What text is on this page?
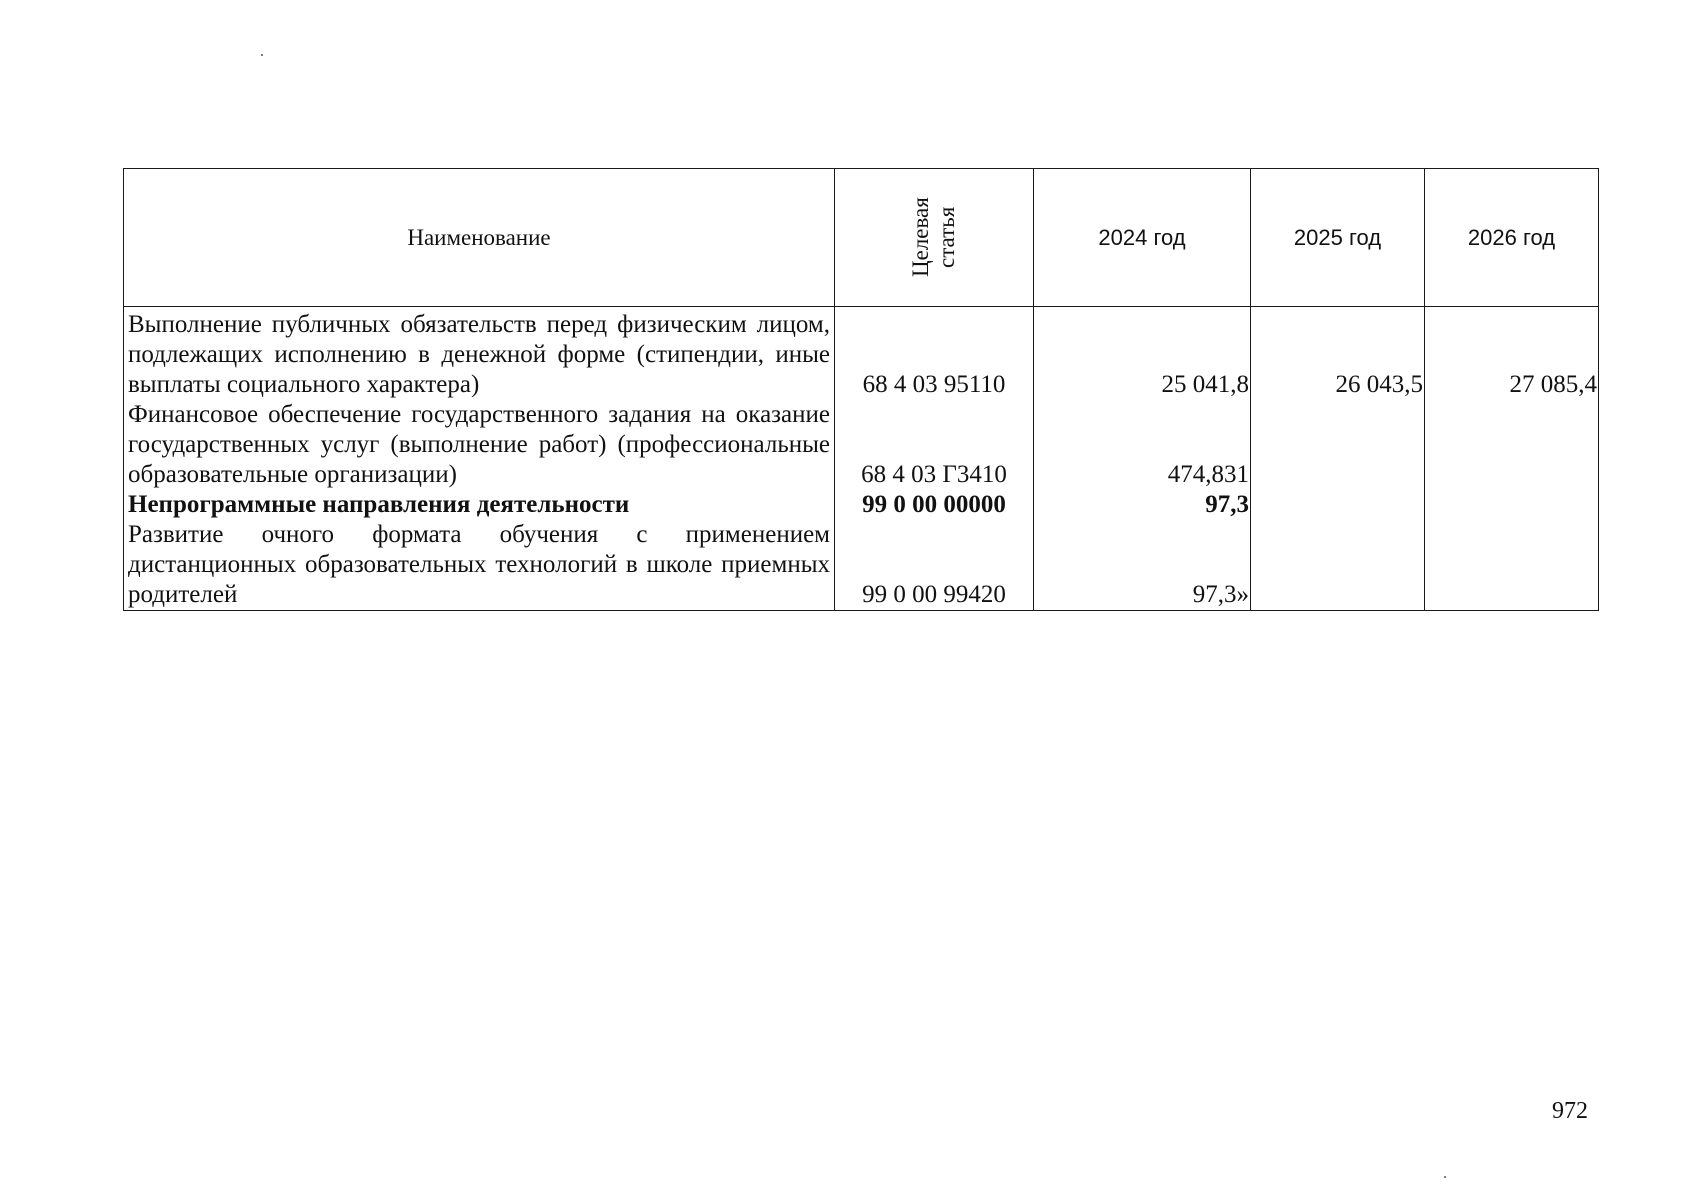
Наименование	Целевая статья	2024 год	2025 год	2026 год
Выполнение публичных обязательств перед физическим лицом, подлежащих исполнению в денежной форме (стипендии, иные выплаты социального характера)	68 4 03 95110	25 041,8	26 043,5	27 085,4
Финансовое обеспечение государственного задания на оказание государственных услуг (выполнение работ) (профессиональные образовательные организации)	68 4 03 Г3410	474,831		
Непрограммные направления деятельности	99 0 00 00000	97,3		
Развитие очного формата обучения с применением дистанционных образовательных технологий в школе приемных родителей	99 0 00 99420	97,3»		
972
